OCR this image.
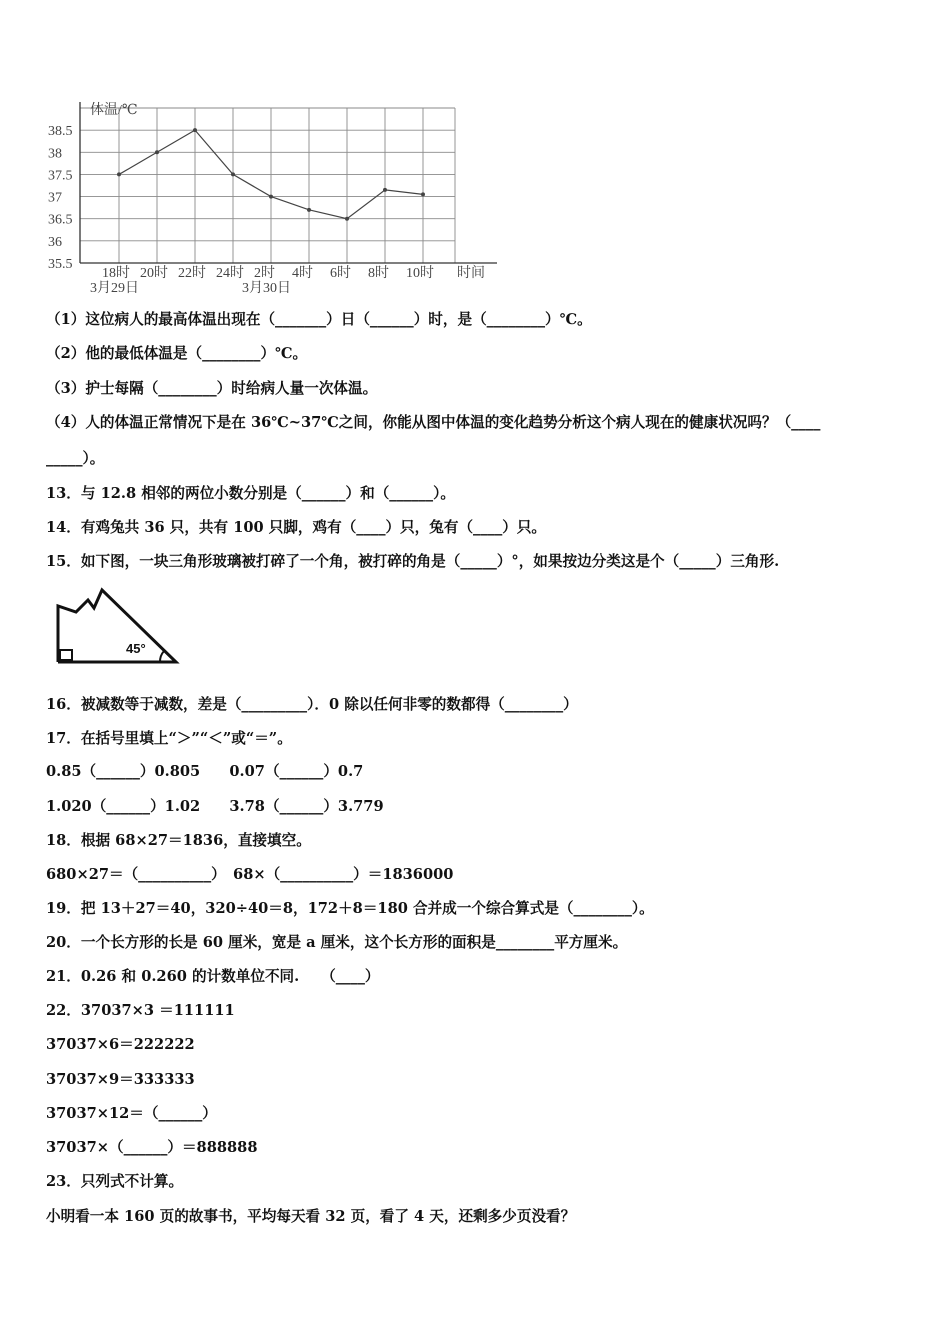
体温/℃
时间
35.5
36
36.5
37
37.5
38
38.5
18时 20时 22时 24时 2时 4时 6时 8时 10时
3月29日	3月30日
（1）这位病人的最高体温出现在（_______）日（______）时，是（________）℃。
（2）他的最低体温是（________）℃。
（3）护士每隔（________）时给病人量一次体温。
（4）人的体温正常情况下是在 36℃~37℃之间，你能从图中体温的变化趋势分析这个病人现在的健康状况吗？（____
_____）。
13．与 12.8 相邻的两位小数分别是（______）和（______）。
14．有鸡兔共 36 只，共有 100 只脚，鸡有（____）只，兔有（____）只。
15．如下图，一块三角形玻璃被打碎了一个角，被打碎的角是（_____）°，如果按边分类这是个（_____）三角形.
45°
16．被减数等于减数，差是（_________）．0 除以任何非零的数都得（________）
17．在括号里填上“＞”“＜”或“＝”。
0.85（______）0.805　　0.07（______）0.7
1.020（______）1.02　　3.78（______）3.779
18．根据 68×27＝1836，直接填空。
680×27＝（__________）　68×（__________）＝1836000
19．把 13＋27＝40，320÷40＝8，172＋8＝180 合并成一个综合算式是（________）。
20．一个长方形的长是 60 厘米，宽是 a 厘米，这个长方形的面积是________平方厘米。
21．0.26 和 0.260 的计数单位不同.　　（____）
22．37037×3 ＝111111
37037×6＝222222
37037×9＝333333
37037×12＝（______）
37037×（______）＝888888
23．只列式不计算。
小明看一本 160 页的故事书，平均每天看 32 页，看了 4 天，还剩多少页没看？
